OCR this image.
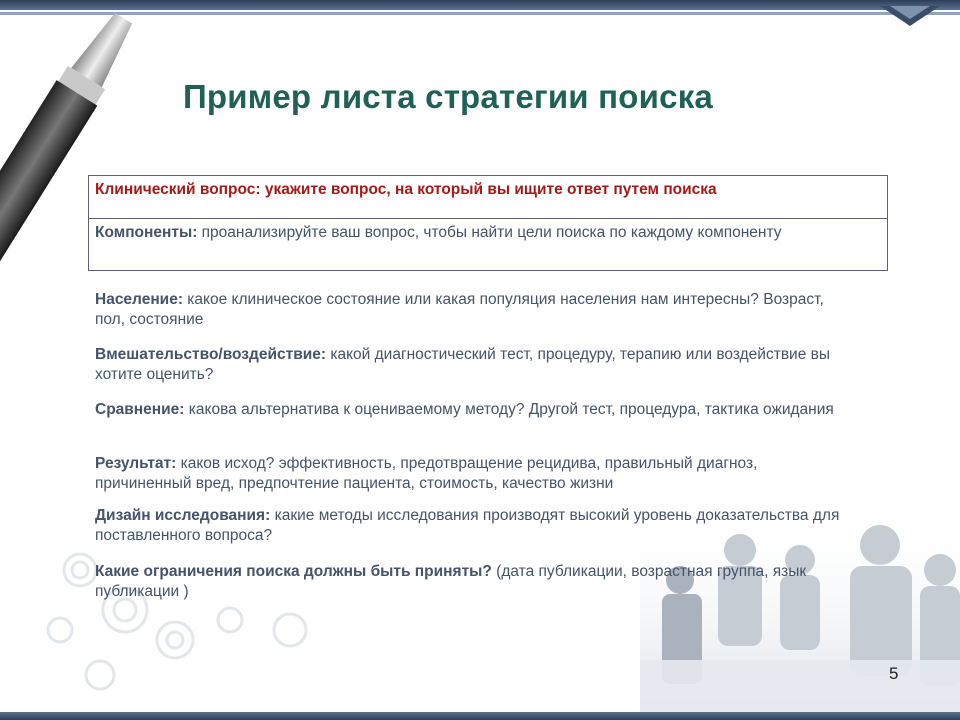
Пример листа стратегии поиска
Клинический вопрос: укажите вопрос, на который вы ищите ответ путем поиска
Компоненты: проанализируйте ваш вопрос, чтобы найти цели поиска по каждому компоненту
Население: какое клиническое состояние или какая популяция населения нам интересны? Возраст, пол, состояние
Вмешательство/воздействие: какой диагностический тест, процедуру, терапию или воздействие вы хотите оценить?
Сравнение: какова альтернатива к оцениваемому методу? Другой тест, процедура, тактика ожидания
Результат: каков исход? эффективность, предотвращение рецидива, правильный диагноз, причиненный вред, предпочтение пациента, стоимость, качество жизни
Дизайн исследования: какие методы исследования производят высокий уровень доказательства для поставленного вопроса?
Какие ограничения поиска должны быть приняты? (дата публикации, возрастная группа, язык публикации )
5
